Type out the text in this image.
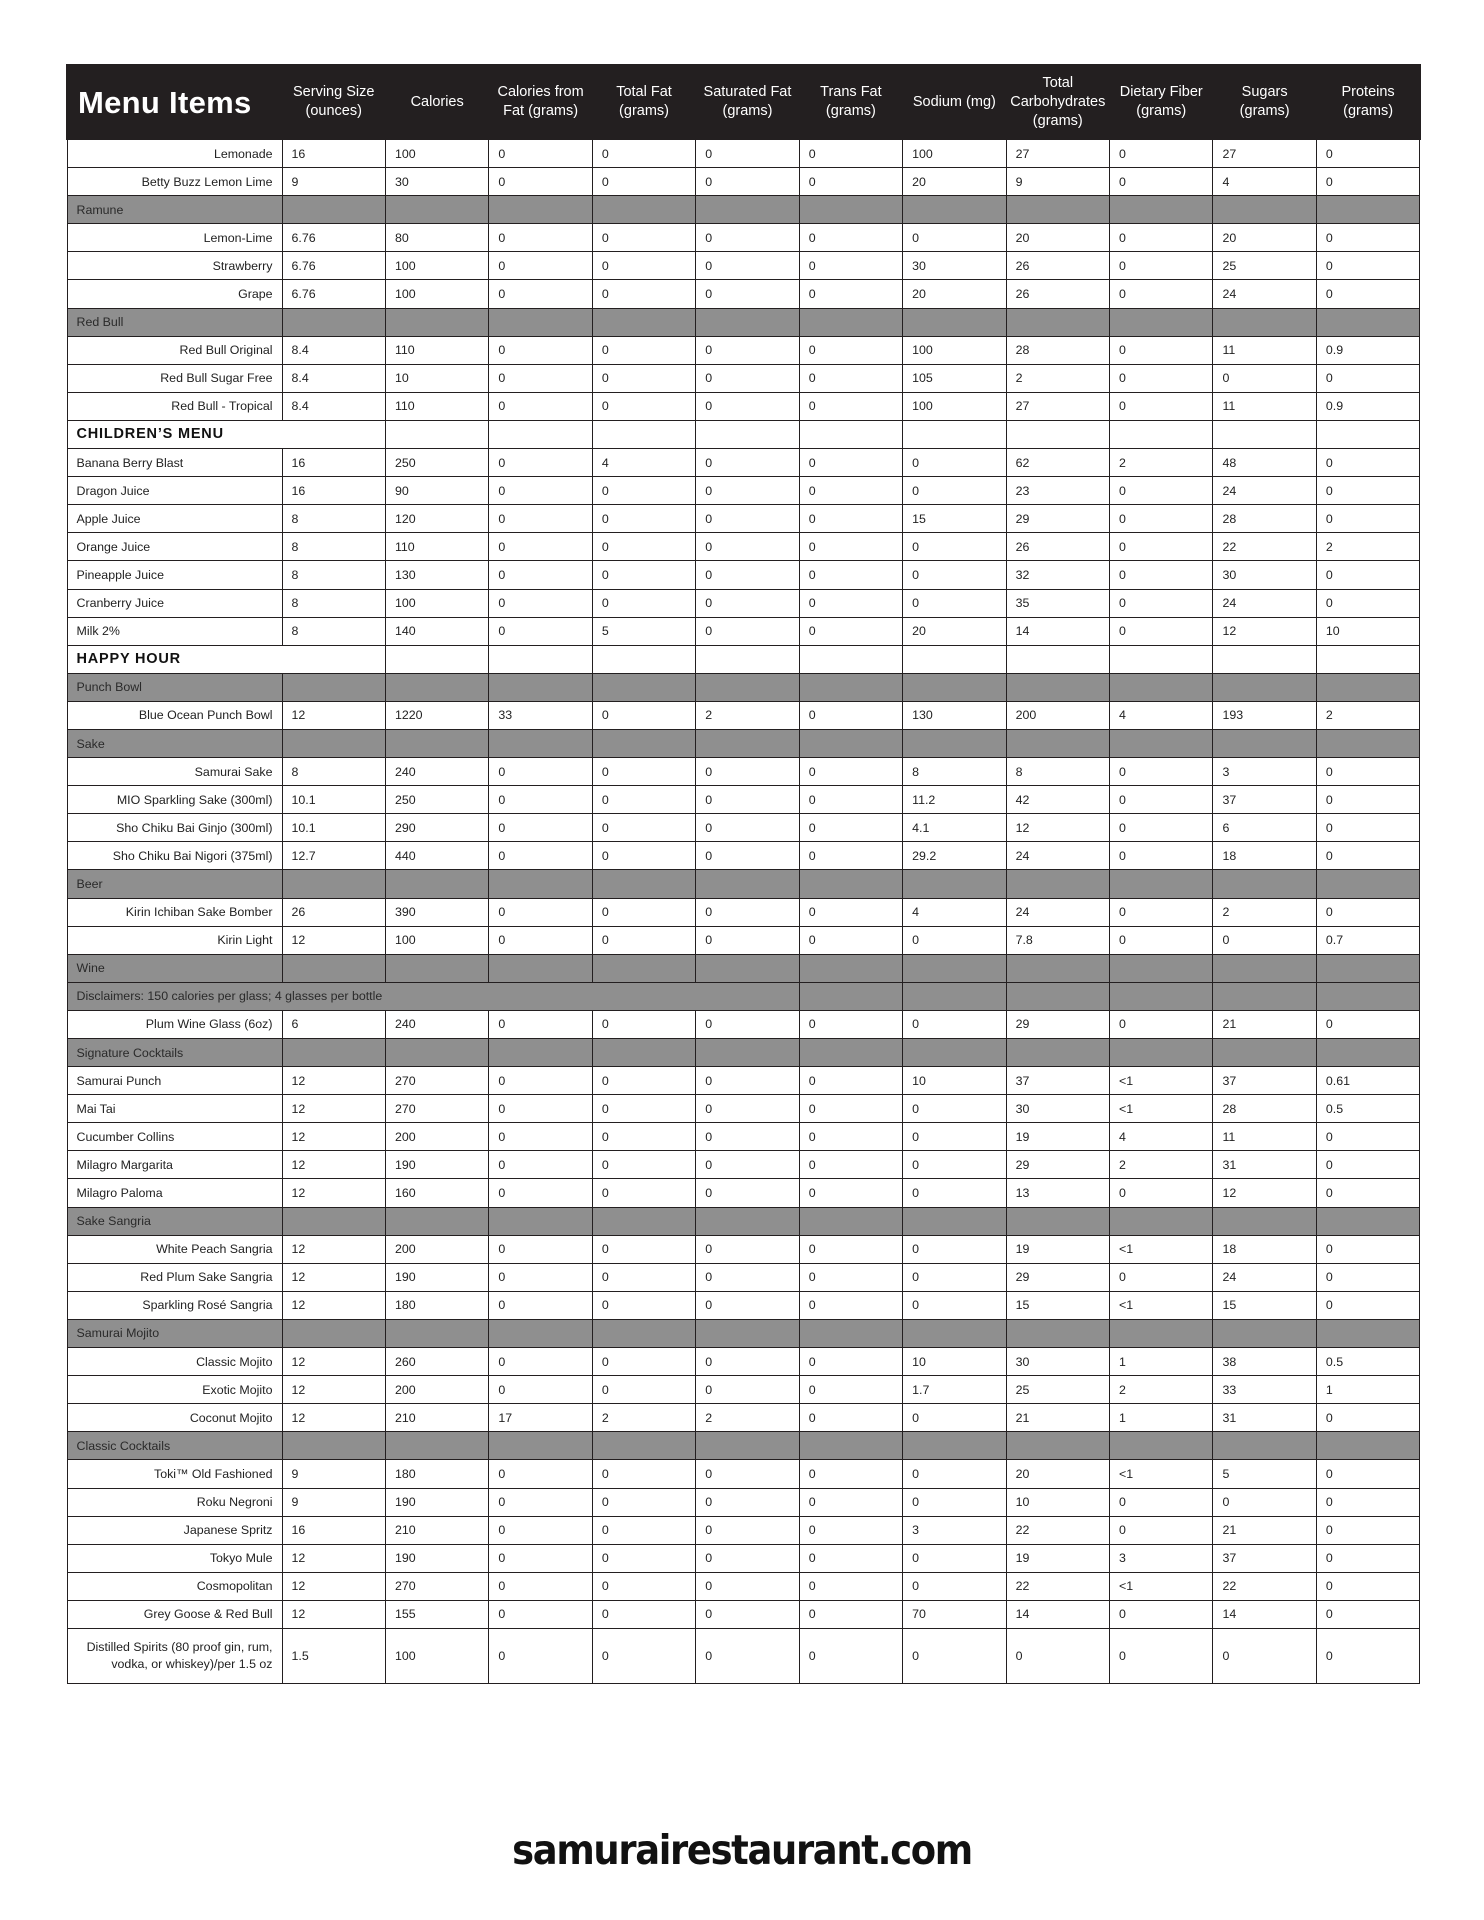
Menu Items	Serving Size (ounces)	Calories	Calories from Fat (grams)	Total Fat (grams)	Saturated Fat (grams)	Trans Fat (grams)	Sodium (mg)	Total Carbohydrates (grams)	Dietary Fiber (grams)	Sugars (grams)	Proteins (grams)
Lemonade	16	100	0	0	0	0	100	27	0	27	0
Betty Buzz Lemon Lime	9	30	0	0	0	0	20	9	0	4	0
Ramune											
Lemon-Lime	6.76	80	0	0	0	0	0	20	0	20	0
Strawberry	6.76	100	0	0	0	0	30	26	0	25	0
Grape	6.76	100	0	0	0	0	20	26	0	24	0
Red Bull											
Red Bull Original	8.4	110	0	0	0	0	100	28	0	11	0.9
Red Bull Sugar Free	8.4	10	0	0	0	0	105	2	0	0	0
Red Bull - Tropical	8.4	110	0	0	0	0	100	27	0	11	0.9
CHILDREN’S MENU											
Banana Berry Blast	16	250	0	4	0	0	0	62	2	48	0
Dragon Juice	16	90	0	0	0	0	0	23	0	24	0
Apple Juice	8	120	0	0	0	0	15	29	0	28	0
Orange Juice	8	110	0	0	0	0	0	26	0	22	2
Pineapple Juice	8	130	0	0	0	0	0	32	0	30	0
Cranberry Juice	8	100	0	0	0	0	0	35	0	24	0
Milk 2%	8	140	0	5	0	0	20	14	0	12	10
HAPPY HOUR											
Punch Bowl											
Blue Ocean Punch Bowl	12	1220	33	0	2	0	130	200	4	193	2
Sake											
Samurai Sake	8	240	0	0	0	0	8	8	0	3	0
MIO Sparkling Sake (300ml)	10.1	250	0	0	0	0	11.2	42	0	37	0
Sho Chiku Bai Ginjo (300ml)	10.1	290	0	0	0	0	4.1	12	0	6	0
Sho Chiku Bai Nigori (375ml)	12.7	440	0	0	0	0	29.2	24	0	18	0
Beer											
Kirin Ichiban Sake Bomber	26	390	0	0	0	0	4	24	0	2	0
Kirin Light	12	100	0	0	0	0	0	7.8	0	0	0.7
Wine											
Disclaimers: 150 calories per glass; 4 glasses per bottle											
Plum Wine Glass (6oz)	6	240	0	0	0	0	0	29	0	21	0
Signature Cocktails											
Samurai Punch	12	270	0	0	0	0	10	37	<1	37	0.61
Mai Tai	12	270	0	0	0	0	0	30	<1	28	0.5
Cucumber Collins	12	200	0	0	0	0	0	19	4	11	0
Milagro Margarita	12	190	0	0	0	0	0	29	2	31	0
Milagro Paloma	12	160	0	0	0	0	0	13	0	12	0
Sake Sangria											
White Peach Sangria	12	200	0	0	0	0	0	19	<1	18	0
Red Plum Sake Sangria	12	190	0	0	0	0	0	29	0	24	0
Sparkling Rosé Sangria	12	180	0	0	0	0	0	15	<1	15	0
Samurai Mojito											
Classic Mojito	12	260	0	0	0	0	10	30	1	38	0.5
Exotic Mojito	12	200	0	0	0	0	1.7	25	2	33	1
Coconut Mojito	12	210	17	2	2	0	0	21	1	31	0
Classic Cocktails											
Toki™ Old Fashioned	9	180	0	0	0	0	0	20	<1	5	0
Roku Negroni	9	190	0	0	0	0	0	10	0	0	0
Japanese Spritz	16	210	0	0	0	0	3	22	0	21	0
Tokyo Mule	12	190	0	0	0	0	0	19	3	37	0
Cosmopolitan	12	270	0	0	0	0	0	22	<1	22	0
Grey Goose & Red Bull	12	155	0	0	0	0	70	14	0	14	0
Distilled Spirits (80 proof gin, rum, vodka, or whiskey)/per 1.5 oz	1.5	100	0	0	0	0	0	0	0	0	0
samurairestaurant.com
